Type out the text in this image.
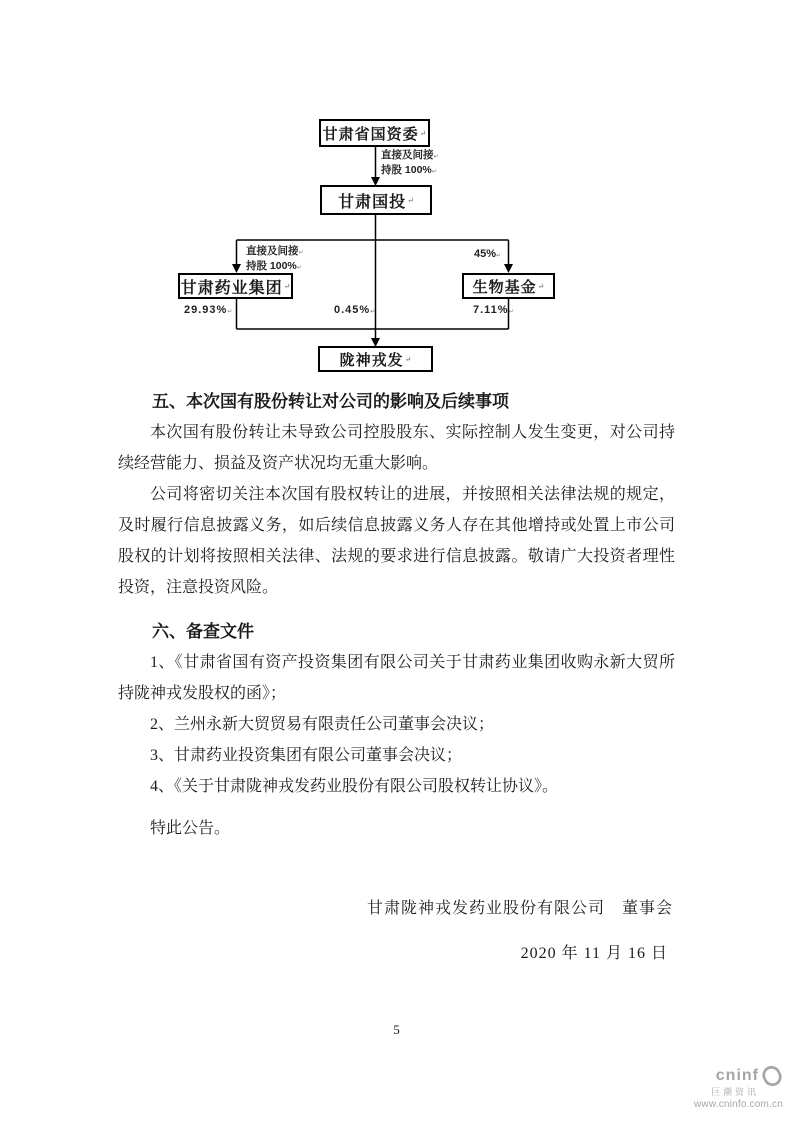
甘肃省国资委 ↵
甘肃国投 ↵
甘肃药业集团 ↵	生物基金 ↵
陇神戎发 ↵
直接及间接↵
持股 100%↵
直接及间接↵
持股 100%↵
45%↵
29.93%↵	0.45%↵	7.11%↵
五、本次国有股份转让对公司的影响及后续事项

本次国有股份转让未导致公司控股股东、实际控制人发生变更，对公司持续经营能力、损益及资产状况均无重大影响。

公司将密切关注本次国有股权转让的进展，并按照相关法律法规的规定，及时履行信息披露义务，如后续信息披露义务人存在其他增持或处置上市公司股权的计划将按照相关法律、法规的要求进行信息披露。敬请广大投资者理性投资，注意投资风险。

六、备查文件

1、《甘肃省国有资产投资集团有限公司关于甘肃药业集团收购永新大贸所持陇神戎发股权的函》；

2、兰州永新大贸贸易有限责任公司董事会决议；

3、甘肃药业投资集团有限公司董事会决议；

4、《关于甘肃陇神戎发药业股份有限公司股权转让协议》。

特此公告。

甘肃陇神戎发药业股份有限公司　董事会
2020 年 11 月 16 日
5
cninf
巨潮资讯
www.cninfo.com.cn
